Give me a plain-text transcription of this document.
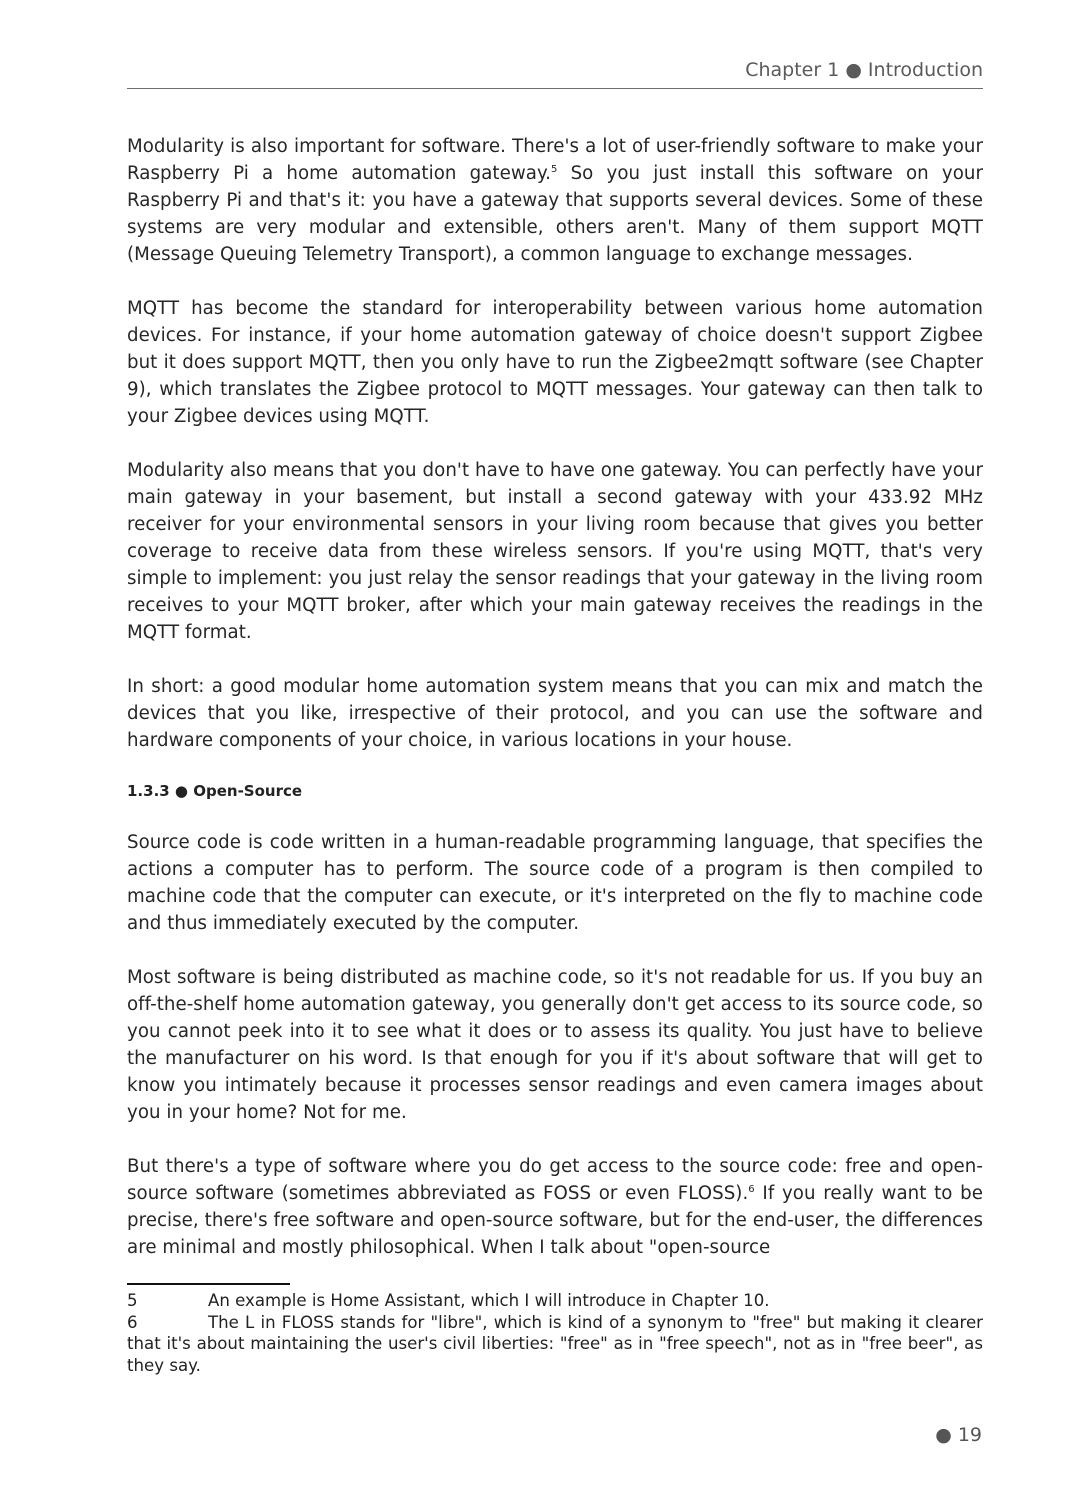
Chapter 1 ● Introduction

Modularity is also important for software. There's a lot of user-friendly software to make your Raspberry Pi a home automation gateway.$^5$ So you just install this software on your Raspberry Pi and that's it: you have a gateway that supports several devices. Some of these systems are very modular and extensible, others aren't. Many of them support MQTT (Message Queuing Telemetry Transport), a common language to exchange messages.

MQTT has become the standard for interoperability between various home automation devices. For instance, if your home automation gateway of choice doesn't support Zigbee but it does support MQTT, then you only have to run the Zigbee2mqtt software (see Chapter 9), which translates the Zigbee protocol to MQTT messages. Your gateway can then talk to your Zigbee devices using MQTT.

Modularity also means that you don't have to have one gateway. You can perfectly have your main gateway in your basement, but install a second gateway with your 433.92 MHz receiver for your environmental sensors in your living room because that gives you better coverage to receive data from these wireless sensors. If you're using MQTT, that's very simple to implement: you just relay the sensor readings that your gateway in the living room receives to your MQTT broker, after which your main gateway receives the readings in the MQTT format.

In short: a good modular home automation system means that you can mix and match the devices that you like, irrespective of their protocol, and you can use the software and hardware components of your choice, in various locations in your house.

1.3.3 ● Open-Source

Source code is code written in a human-readable programming language, that specifies the actions a computer has to perform. The source code of a program is then compiled to machine code that the computer can execute, or it's interpreted on the fly to machine code and thus immediately executed by the computer.

Most software is being distributed as machine code, so it's not readable for us. If you buy an off-the-shelf home automation gateway, you generally don't get access to its source code, so you cannot peek into it to see what it does or to assess its quality. You just have to believe the manufacturer on his word. Is that enough for you if it's about software that will get to know you intimately because it processes sensor readings and even camera images about you in your home? Not for me.

But there's a type of software where you do get access to the source code: free and open-source software (sometimes abbreviated as FOSS or even FLOSS).$^6$ If you really want to be precise, there's free software and open-source software, but for the end-user, the differences are minimal and mostly philosophical. When I talk about "open-source

5	An example is Home Assistant, which I will introduce in Chapter 10.
6	The L in FLOSS stands for "libre", which is kind of a synonym to "free" but making it clearer that it's about maintaining the user's civil liberties: "free" as in "free speech", not as in "free beer", as they say.
● 19
